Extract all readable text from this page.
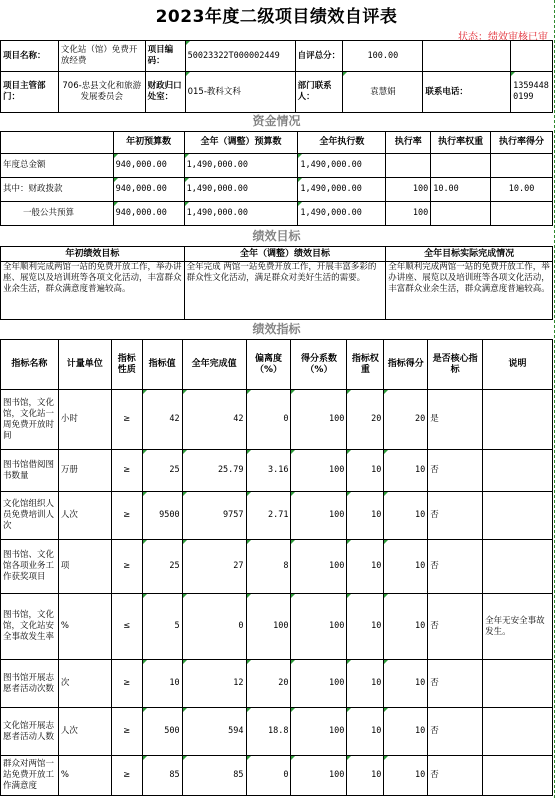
2023年度二级项目绩效自评表
状态：绩效审核已审
项目名称：	文化站（馆）免费开放经费	项目编码：	50023322T000002449	自评总分：	100.00		
项目主管部门：	706-忠县文化和旅游发展委员会	财政归口处室：	015-教科文科	部门联系人：	袁慧娟	联系电话：	13594480199
资金情况
	年初预算数	全年（调整）预算数	全年执行数	执行率	执行率权重	执行率得分
年度总金额	940,000.00	1,490,000.00	1,490,000.00			
其中：财政拨款	940,000.00	1,490,000.00	1,490,000.00	100	10.00	10.00
一般公共预算	940,000.00	1,490,000.00	1,490,000.00	100		
绩效目标
年初绩效目标	全年（调整）绩效目标	全年目标实际完成情况
全年顺利完成两馆一站的免费开放工作，举办讲座、展览以及培训班等各项文化活动，丰富群众业余生活，群众满意度普遍较高。	全年完成 两馆一站免费开放工作，开展丰富多彩的群众性文化活动，满足群众对美好生活的需要。	全年顺利完成两馆一站的免费开放工作，举办讲座、展览以及培训班等各项文化活动，丰富群众业余生活，群众满意度普遍较高。
绩效指标
指标名称	计量单位	指标性质	指标值	全年完成值	偏离度（%）	得分系数（%）	指标权重	指标得分	是否核心指标	说明
图书馆，文化馆，文化站一周免费开放时间	小时	≥	42	42	0	100	20	20	是	
图书馆借阅图书数量	万册	≥	25	25.79	3.16	100	10	10	否	
文化馆组织人员免费培训人次	人次	≥	9500	9757	2.71	100	10	10	否	
图书馆、文化馆各项业务工作获奖项目	项	≥	25	27	8	100	10	10	否	
图书馆，文化馆，文化站安全事故发生率	%	≤	5	0	100	100	10	10	否	全年无安全事故发生。
图书馆开展志愿者活动次数	次	≥	10	12	20	100	10	10	否	
文化馆开展志愿者活动人数	人次	≥	500	594	18.8	100	10	10	否	
群众对两馆一站免费开放工作满意度	%	≥	85	85	0	100	10	10	否	
